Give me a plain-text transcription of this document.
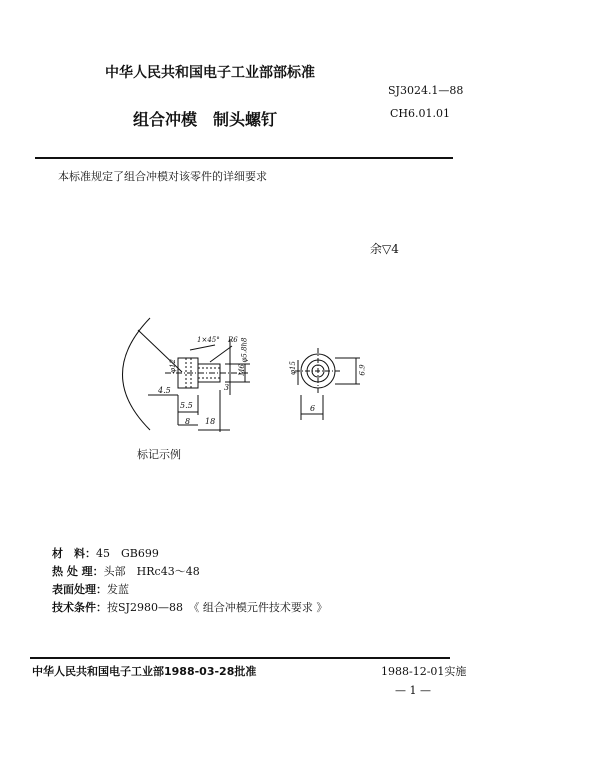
中华人民共和国电子工业部部标准
SJ3024.1—88
组合冲模　制头螺钉	CH6.01.01
本标准规定了组合冲模对该零件的详细要求
余▽4
1×45° R6
φ12
φ5.8h8
M6
4.5	3
5.5
8 18
φ15	6.9
6
标记示例
材　料：45　GB699
热 处 理：头部　HRc43～48
表面处理：发蓝
技术条件：按SJ2980—88　《 组合冲模元件技术要求 》
中华人民共和国电子工业部1988-03-28批准	1988-12-01实施
— 1 —
